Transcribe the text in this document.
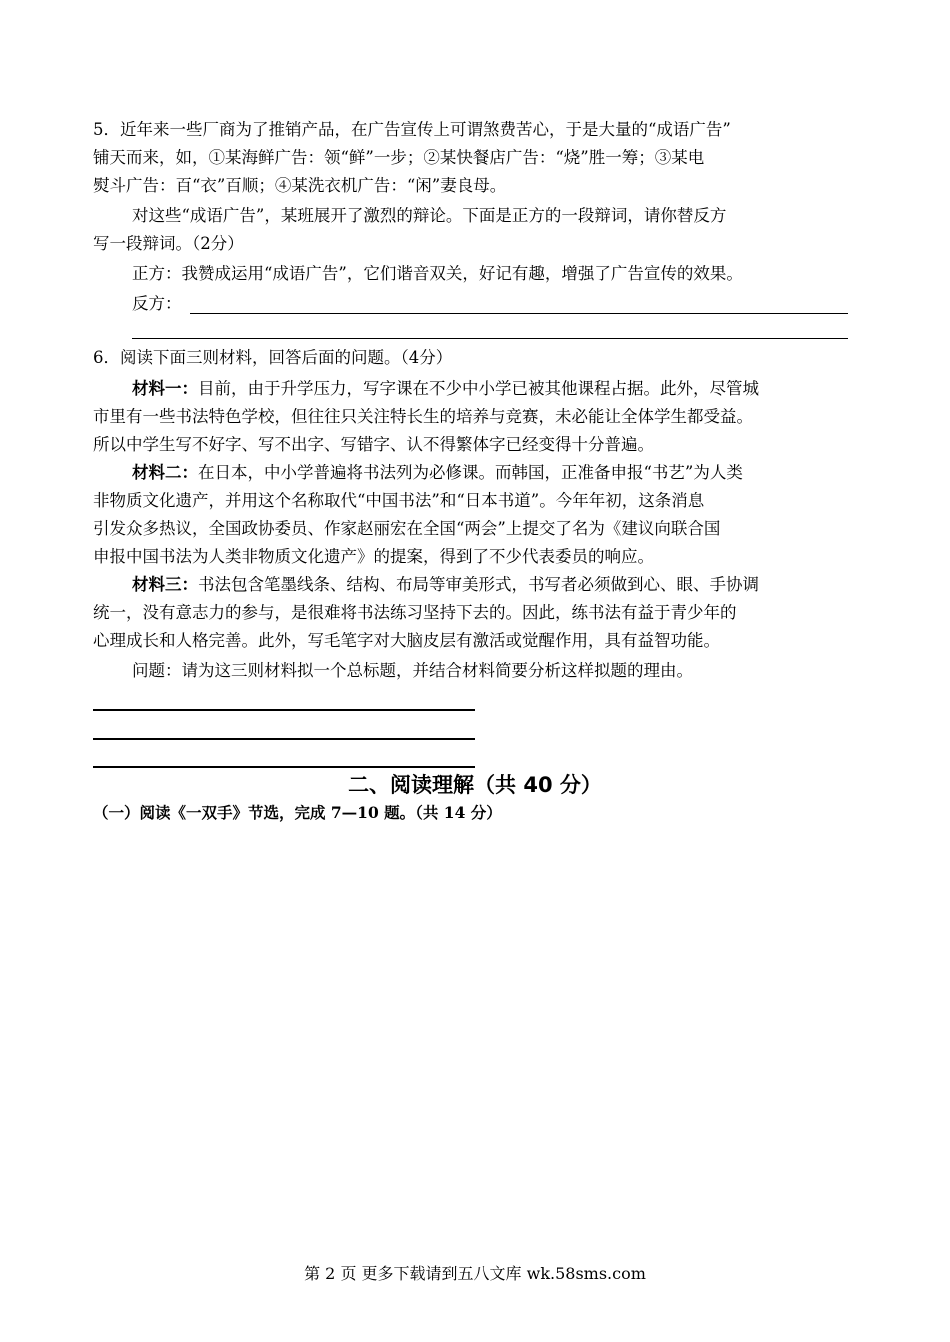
5．近年来一些厂商为了推销产品，在广告宣传上可谓煞费苦心，于是大量的“成语广告”
铺天而来，如，①某海鲜广告：领“鲜”一步；②某快餐店广告：“烧”胜一筹；③某电
熨斗广告：百“衣”百顺；④某洗衣机广告：“闲”妻良母。
对这些“成语广告”，某班展开了激烈的辩论。下面是正方的一段辩词，请你替反方
写一段辩词。（2分）
正方：我赞成运用“成语广告”，它们谐音双关，好记有趣，增强了广告宣传的效果。
反方：
6．阅读下面三则材料，回答后面的问题。（4分）
材料一：目前，由于升学压力，写字课在不少中小学已被其他课程占据。此外，尽管城
市里有一些书法特色学校，但往往只关注特长生的培养与竞赛，未必能让全体学生都受益。
所以中学生写不好字、写不出字、写错字、认不得繁体字已经变得十分普遍。
材料二：在日本，中小学普遍将书法列为必修课。而韩国，正准备申报“书艺”为人类
非物质文化遗产，并用这个名称取代“中国书法”和“日本书道”。今年年初，这条消息
引发众多热议，全国政协委员、作家赵丽宏在全国“两会”上提交了名为《建议向联合国
申报中国书法为人类非物质文化遗产》的提案，得到了不少代表委员的响应。
材料三：书法包含笔墨线条、结构、布局等审美形式，书写者必须做到心、眼、手协调
统一，没有意志力的参与，是很难将书法练习坚持下去的。因此，练书法有益于青少年的
心理成长和人格完善。此外，写毛笔字对大脑皮层有激活或觉醒作用，具有益智功能。
问题：请为这三则材料拟一个总标题，并结合材料简要分析这样拟题的理由。
二、阅读理解（共 40 分）
（一）阅读《一双手》节选，完成 7—10 题。（共 14 分）
第 2 页 更多下载请到五八文库 wk.58sms.com
